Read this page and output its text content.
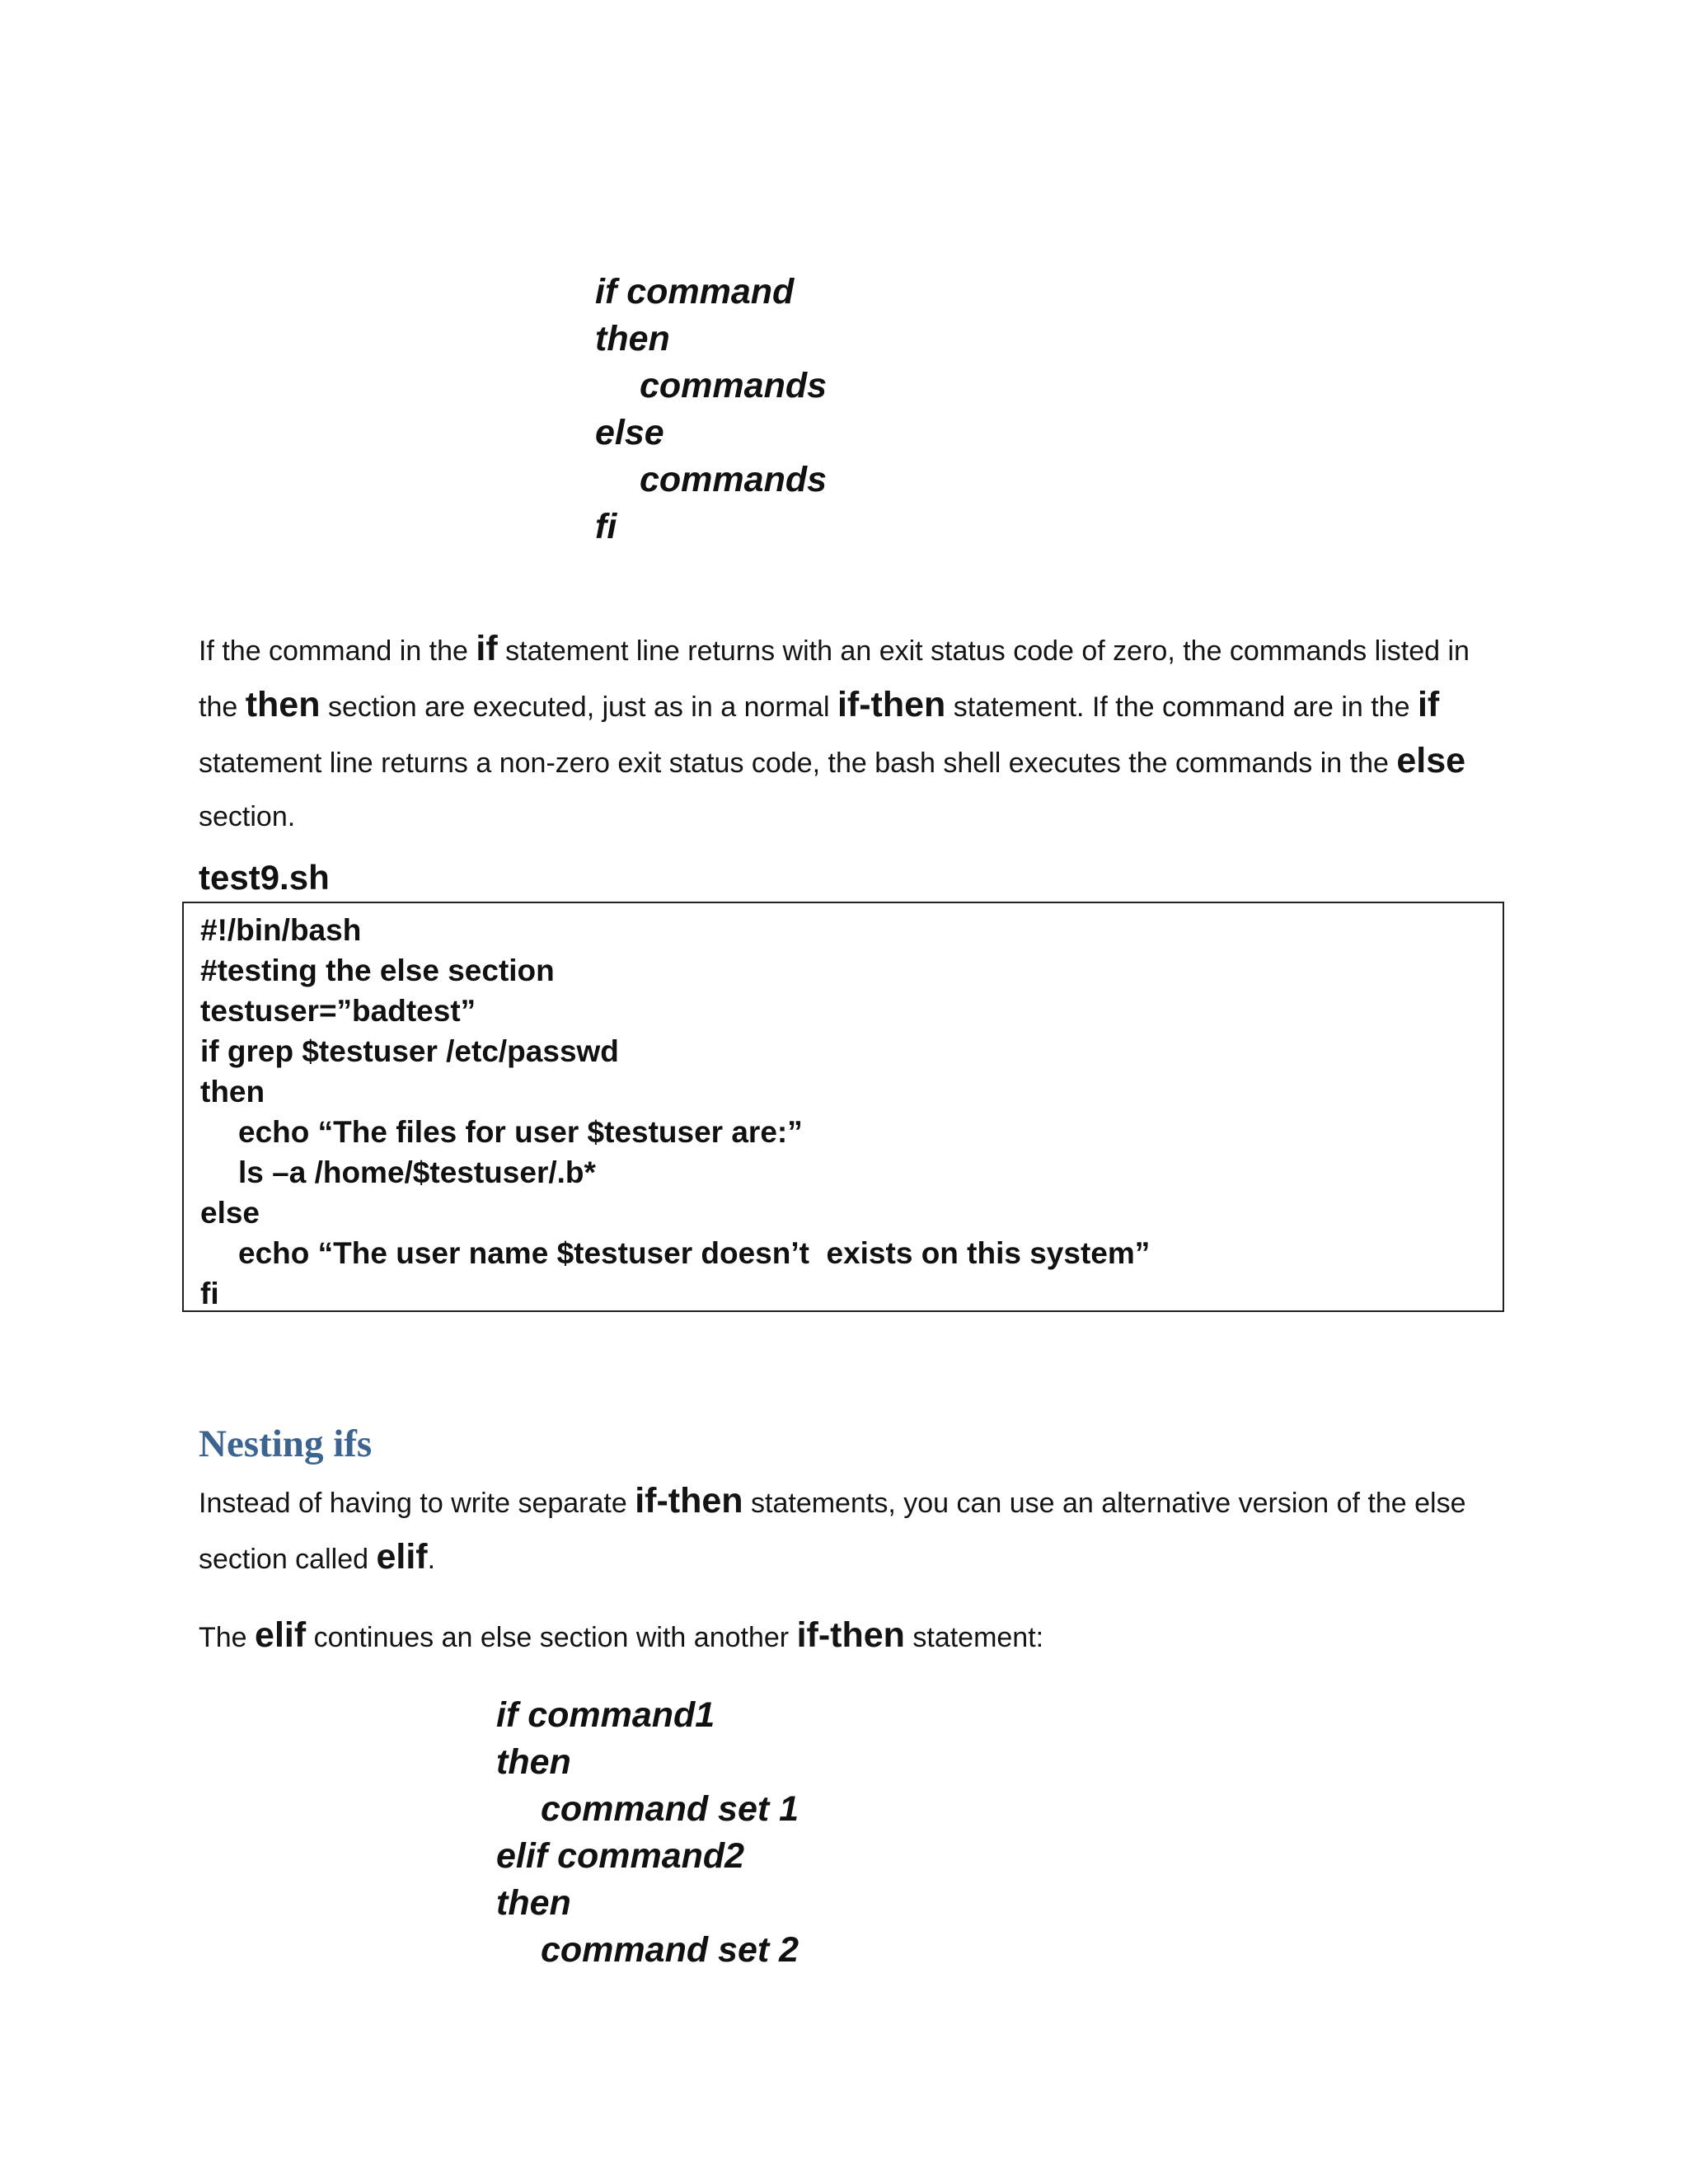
if command
then
commands
else
commands
fi
If the command in the if statement line returns with an exit status code of zero, the commands listed in the then section are executed, just as in a normal if-then statement. If the command are in the if statement line returns a non-zero exit status code, the bash shell executes the commands in the else section.
test9.sh
#!/bin/bash
#testing the else section
testuser=”badtest”
if grep $testuser /etc/passwd
then
echo “The files for user $testuser are:”
ls –a /home/$testuser/.b*
else
echo “The user name $testuser doesn’t  exists on this system”
fi
Nesting ifs
Instead of having to write separate if-then statements, you can use an alternative version of the else section called elif.
The elif continues an else section with another if-then statement:
if command1
then
command set 1
elif command2
then
command set 2
